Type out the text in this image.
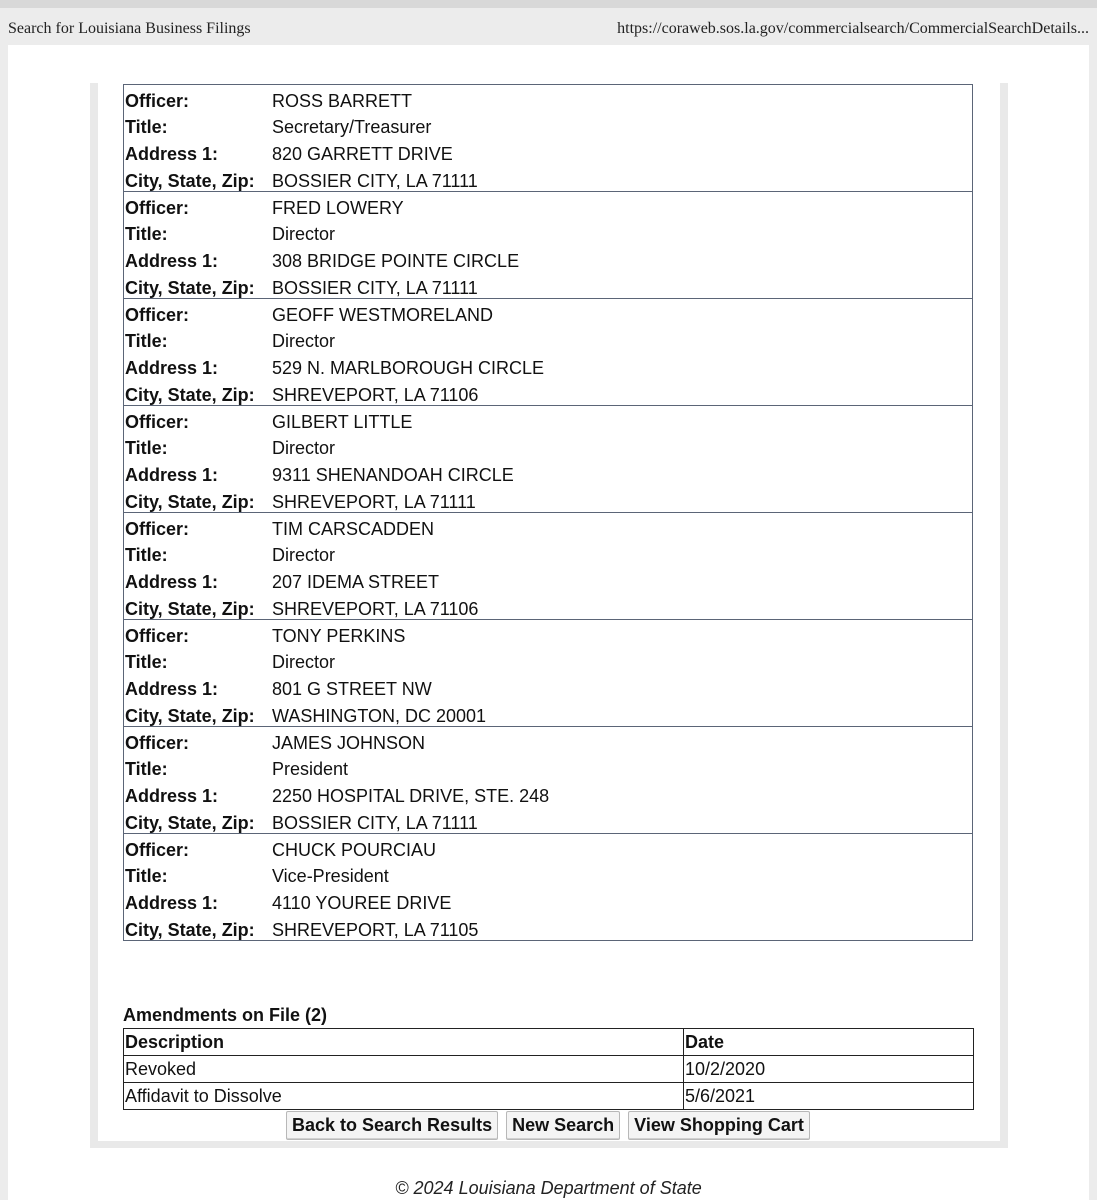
Search for Louisiana Business Filings	https://coraweb.sos.la.gov/commercialsearch/CommercialSearchDetails...
Officer:	ROSS BARRETT
Title:	Secretary/Treasurer
Address 1:	820 GARRETT DRIVE
City, State, Zip: BOSSIER CITY, LA 71111
Officer:	FRED LOWERY
Title:	Director
Address 1:	308 BRIDGE POINTE CIRCLE
City, State, Zip: BOSSIER CITY, LA 71111
Officer:	GEOFF WESTMORELAND
Title:	Director
Address 1:	529 N. MARLBOROUGH CIRCLE
City, State, Zip: SHREVEPORT, LA 71106
Officer:	GILBERT LITTLE
Title:	Director
Address 1:	9311 SHENANDOAH CIRCLE
City, State, Zip: SHREVEPORT, LA 71111
Officer:	TIM CARSCADDEN
Title:	Director
Address 1:	207 IDEMA STREET
City, State, Zip: SHREVEPORT, LA 71106
Officer:	TONY PERKINS
Title:	Director
Address 1:	801 G STREET NW
City, State, Zip: WASHINGTON, DC 20001
Officer:	JAMES JOHNSON
Title:	President
Address 1:	2250 HOSPITAL DRIVE, STE. 248
City, State, Zip: BOSSIER CITY, LA 71111
Officer:	CHUCK POURCIAU
Title:	Vice-President
Address 1:	4110 YOUREE DRIVE
City, State, Zip: SHREVEPORT, LA 71105
Amendments on File (2)
Description	Date
Revoked	10/2/2020
Affidavit to Dissolve	5/6/2021
Back to Search Results	New Search	View Shopping Cart
© 2024 Louisiana Department of State
